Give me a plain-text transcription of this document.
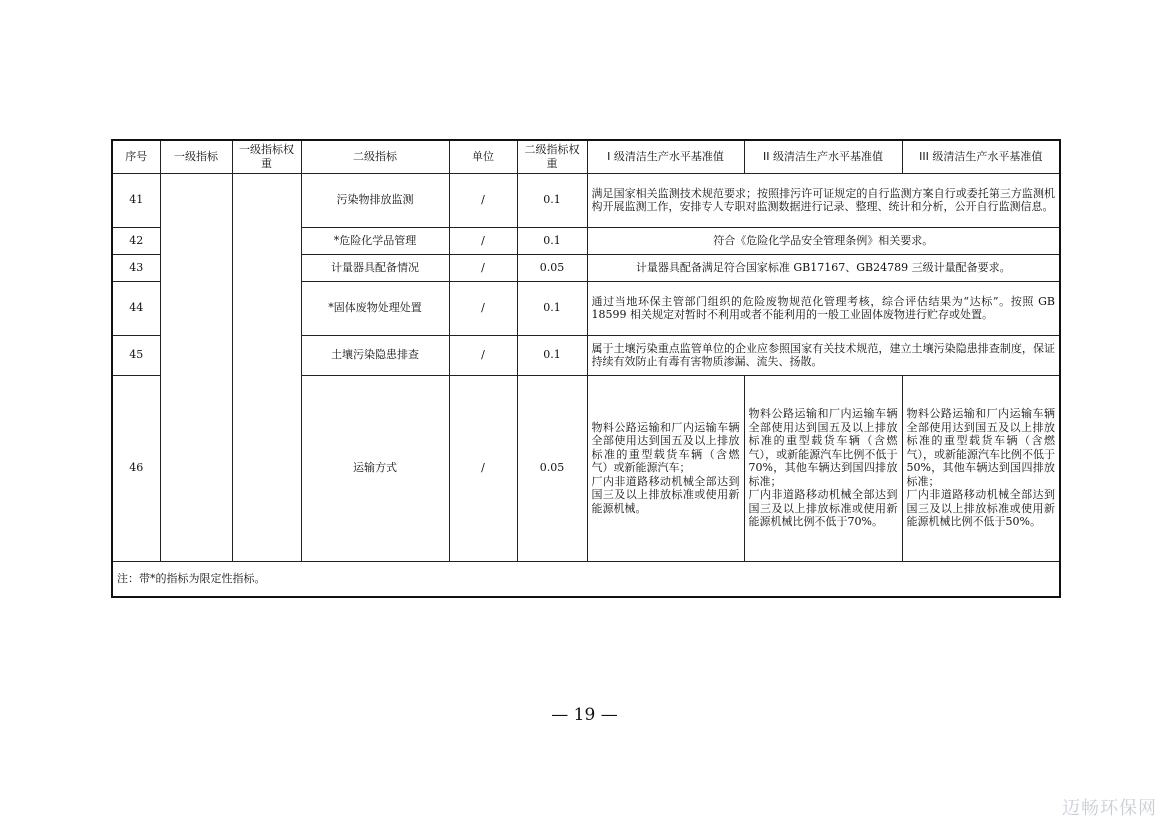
序号	一级指标	一级指标权重	二级指标	单位	二级指标权重	I 级清洁生产水平基准值	II 级清洁生产水平基准值	III 级清洁生产水平基准值
41			污染物排放监测	/	0.1	满足国家相关监测技术规范要求；按照排污许可证规定的自行监测方案自行或委托第三方监测机构开展监测工作，安排专人专职对监测数据进行记录、整理、统计和分析，公开自行监测信息。		
42			*危险化学品管理	/	0.1	符合《危险化学品安全管理条例》相关要求。		
43			计量器具配备情况	/	0.05	计量器具配备满足符合国家标准 GB17167、GB24789 三级计量配备要求。		
44			*固体废物处理处置	/	0.1	通过当地环保主管部门组织的危险废物规范化管理考核，综合评估结果为“达标”。按照 GB 18599 相关规定对暂时不利用或者不能利用的一般工业固体废物进行贮存或处置。		
45			土壤污染隐患排查	/	0.1	属于土壤污染重点监管单位的企业应参照国家有关技术规范，建立土壤污染隐患排查制度，保证持续有效防止有毒有害物质渗漏、流失、扬散。		
46			运输方式	/	0.05	物料公路运输和厂内运输车辆全部使用达到国五及以上排放标准的重型载货车辆（含燃气）或新能源汽车；
厂内非道路移动机械全部达到国三及以上排放标准或使用新能源机械。	物料公路运输和厂内运输车辆全部使用达到国五及以上排放标准的重型载货车辆（含燃气），或新能源汽车比例不低于70%，其他车辆达到国四排放标准；
厂内非道路移动机械全部达到国三及以上排放标准或使用新能源机械比例不低于70%。	物料公路运输和厂内运输车辆全部使用达到国五及以上排放标准的重型载货车辆（含燃气），或新能源汽车比例不低于50%，其他车辆达到国四排放标准；
厂内非道路移动机械全部达到国三及以上排放标准或使用新能源机械比例不低于50%。
注：带*的指标为限定性指标。								
— 19 —
迈畅环保网
